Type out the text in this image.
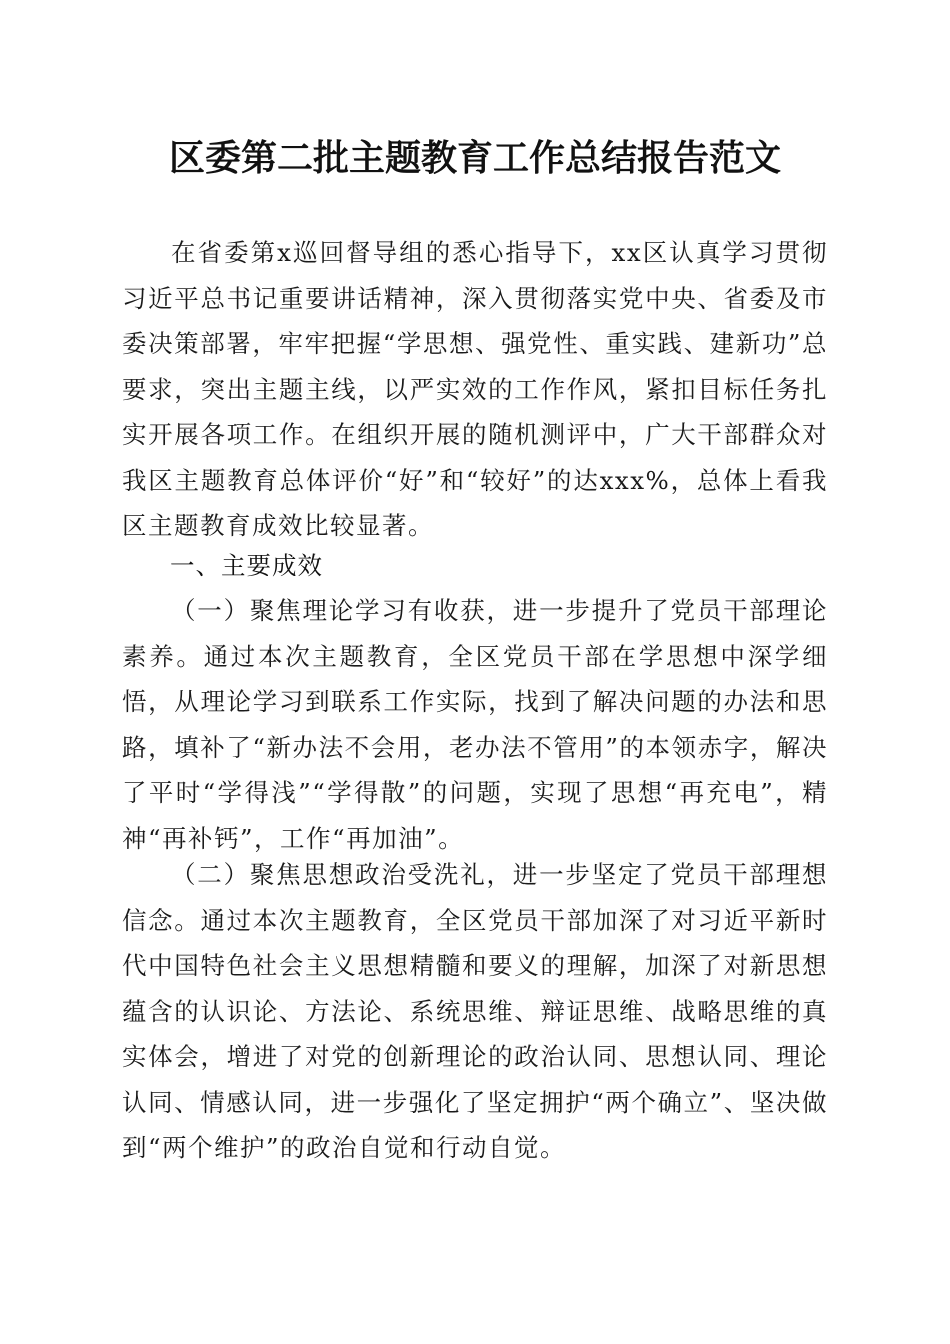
区委第二批主题教育工作总结报告范文
在省委第x巡回督导组的悉心指导下，xx区认真学习贯彻习近平总书记重要讲话精神，深入贯彻落实党中央、省委及市委决策部署，牢牢把握“学思想、强党性、重实践、建新功”总要求，突出主题主线，以严实效的工作作风，紧扣目标任务扎实开展各项工作。在组织开展的随机测评中，广大干部群众对我区主题教育总体评价“好”和“较好”的达xxx%，总体上看我区主题教育成效比较显著。
一、主要成效
（一）聚焦理论学习有收获，进一步提升了党员干部理论素养。通过本次主题教育，全区党员干部在学思想中深学细悟，从理论学习到联系工作实际，找到了解决问题的办法和思路，填补了“新办法不会用，老办法不管用”的本领赤字，解决了平时“学得浅”“学得散”的问题，实现了思想“再充电”，精神“再补钙”，工作“再加油”。
（二）聚焦思想政治受洗礼，进一步坚定了党员干部理想信念。通过本次主题教育，全区党员干部加深了对习近平新时代中国特色社会主义思想精髓和要义的理解，加深了对新思想蕴含的认识论、方法论、系统思维、辩证思维、战略思维的真实体会，增进了对党的创新理论的政治认同、思想认同、理论认同、情感认同，进一步强化了坚定拥护“两个确立”、坚决做到“两个维护”的政治自觉和行动自觉。
